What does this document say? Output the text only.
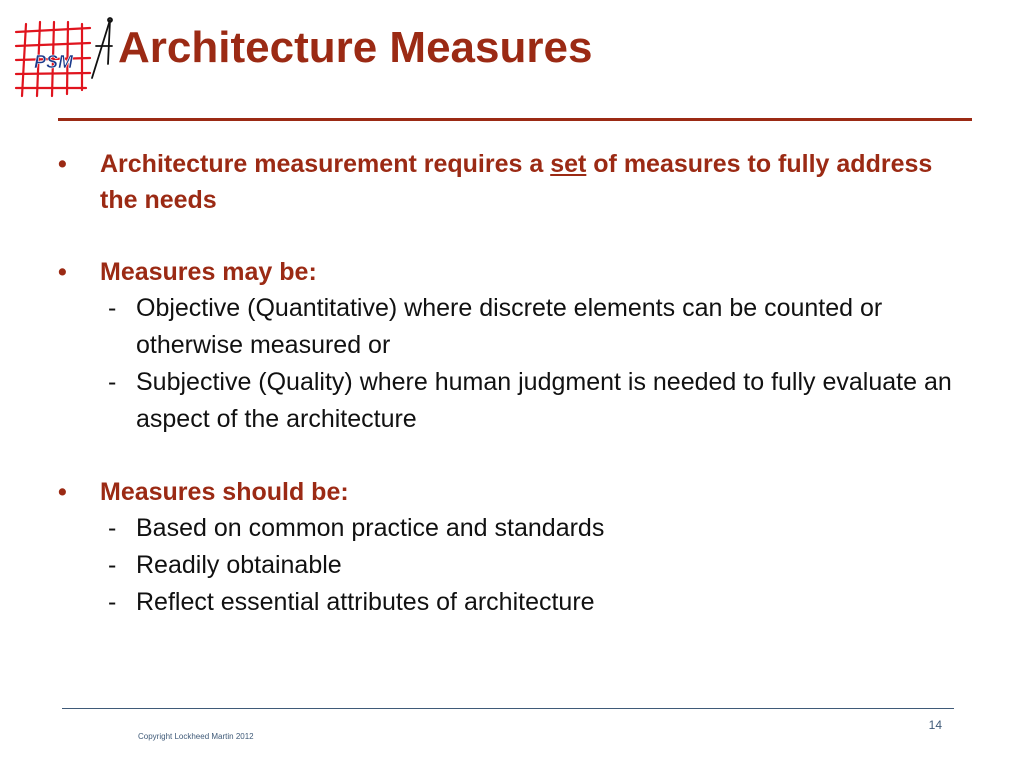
PSM Architecture Measures
•	Architecture measurement requires a set of measures to fully address the needs
•	Measures may be:
- Objective (Quantitative) where discrete elements can be counted or otherwise measured or
- Subjective (Quality) where human judgment is needed to fully evaluate an aspect of the architecture
•	Measures should be:
- Based on common practice and standards
- Readily obtainable
- Reflect essential attributes of architecture
14
Copyright Lockheed Martin 2012
